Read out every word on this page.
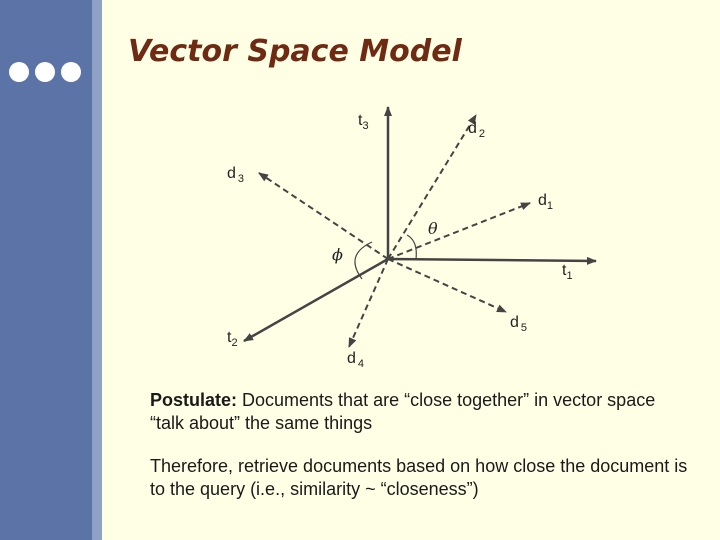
Vector Space Model
$t_3$	d $_2$
d $_3$
$d_1$
$t_1$
d $_5$
$t_2$
d $_4$
θ
ϕ
Postulate: Documents that are “close together” in vector space “talk about” the same things
Therefore, retrieve documents based on how close the document is to the query (i.e., similarity ~ “closeness”)
